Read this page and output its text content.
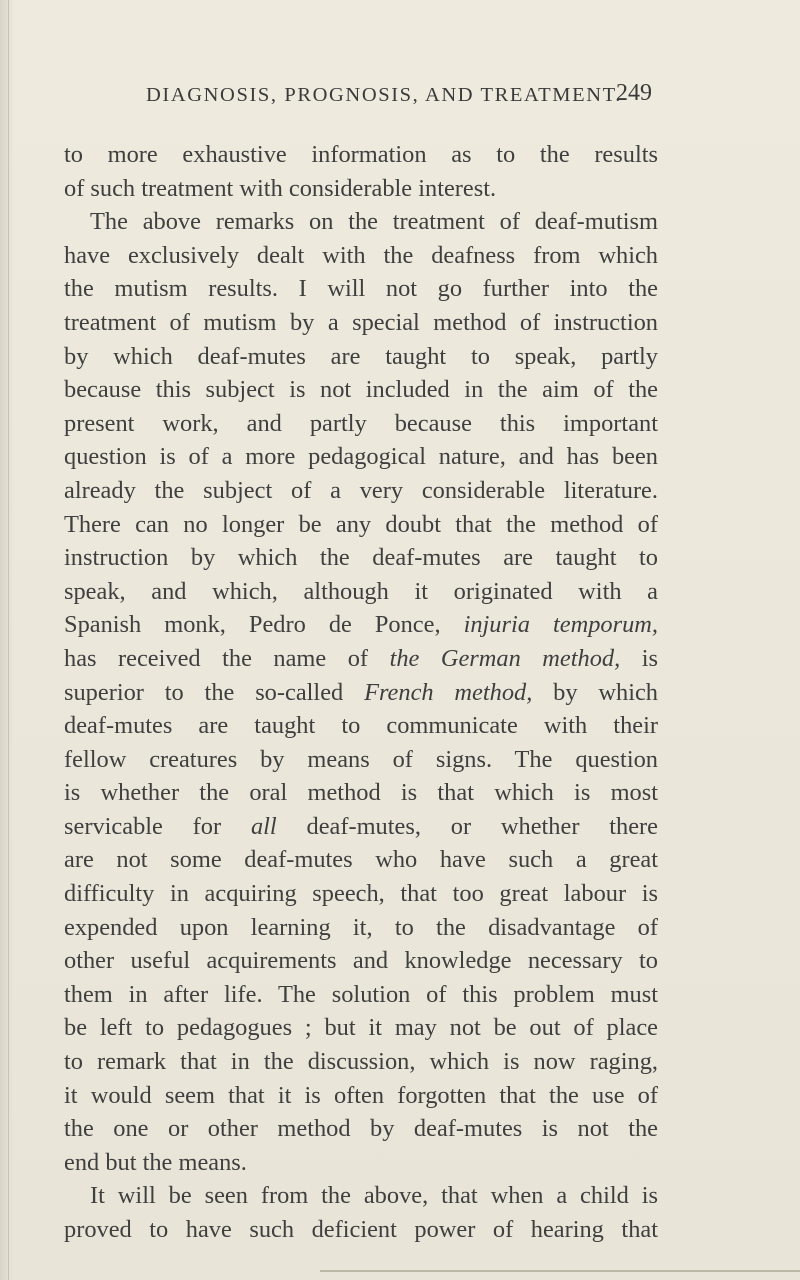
DIAGNOSIS, PROGNOSIS, AND TREATMENT.
249
to more exhaustive information as to the results
of such treatment with considerable interest.
The above remarks on the treatment of deaf-mutism
have exclusively dealt with the deafness from which
the mutism results. I will not go further into the
treatment of mutism by a special method of instruction
by which deaf-mutes are taught to speak, partly
because this subject is not included in the aim of the
present work, and partly because this important
question is of a more pedagogical nature, and has been
already the subject of a very considerable literature.
There can no longer be any doubt that the method of
instruction by which the deaf-mutes are taught to
speak, and which, although it originated with a
Spanish monk, Pedro de Ponce, injuria temporum,
has received the name of the German method, is
superior to the so-called French method, by which
deaf-mutes are taught to communicate with their
fellow creatures by means of signs. The question
is whether the oral method is that which is most
servicable for all deaf-mutes, or whether there
are not some deaf-mutes who have such a great
difficulty in acquiring speech, that too great labour is
expended upon learning it, to the disadvantage of
other useful acquirements and knowledge necessary to
them in after life. The solution of this problem must
be left to pedagogues ; but it may not be out of place
to remark that in the discussion, which is now raging,
it would seem that it is often forgotten that the use of
the one or other method by deaf-mutes is not the
end but the means.
It will be seen from the above, that when a child is
proved to have such deficient power of hearing that
